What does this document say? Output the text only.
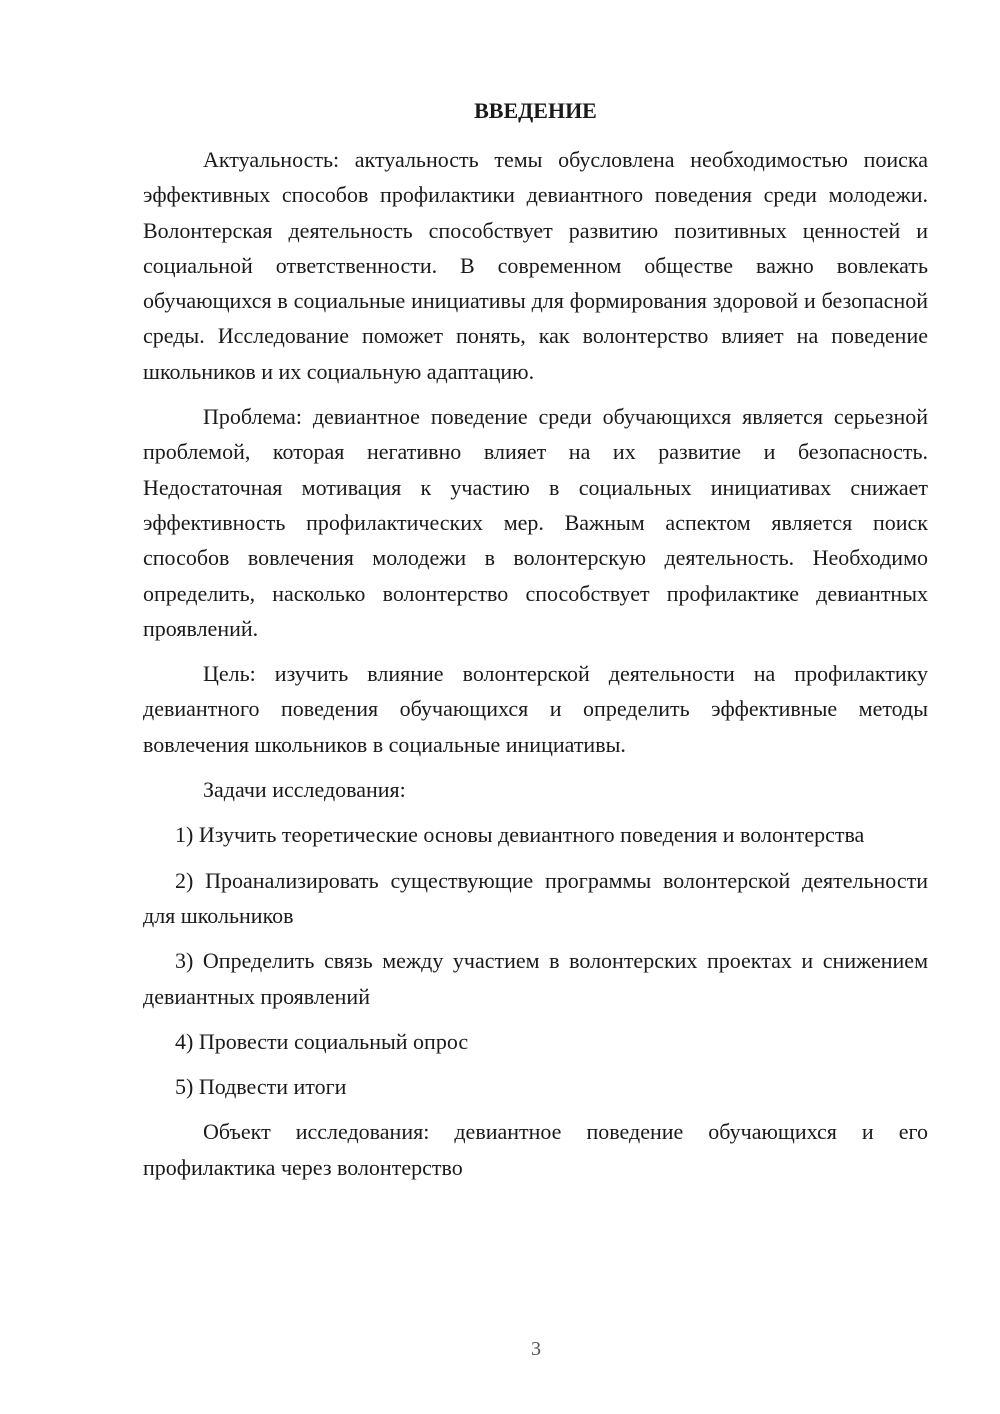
ВВЕДЕНИЕ

Актуальность: актуальность темы обусловлена необходимостью поиска эффективных способов профилактики девиантного поведения среди молодежи. Волонтерская деятельность способствует развитию позитивных ценностей и социальной ответственности. В современном обществе важно вовлекать обучающихся в социальные инициативы для формирования здоровой и безопасной среды. Исследование поможет понять, как волонтерство влияет на поведение школьников и их социальную адаптацию.

Проблема: девиантное поведение среди обучающихся является серьезной проблемой, которая негативно влияет на их развитие и безопасность. Недостаточная мотивация к участию в социальных инициативах снижает эффективность профилактических мер. Важным аспектом является поиск способов вовлечения молодежи в волонтерскую деятельность. Необходимо определить, насколько волонтерство способствует профилактике девиантных проявлений.

Цель: изучить влияние волонтерской деятельности на профилактику девиантного поведения обучающихся и определить эффективные методы вовлечения школьников в социальные инициативы.

Задачи исследования:

1) Изучить теоретические основы девиантного поведения и волонтерства

2) Проанализировать существующие программы волонтерской деятельности для школьников

3) Определить связь между участием в волонтерских проектах и снижением девиантных проявлений

4) Провести социальный опрос

5) Подвести итоги

Объект исследования: девиантное поведение обучающихся и его профилактика через волонтерство

3
